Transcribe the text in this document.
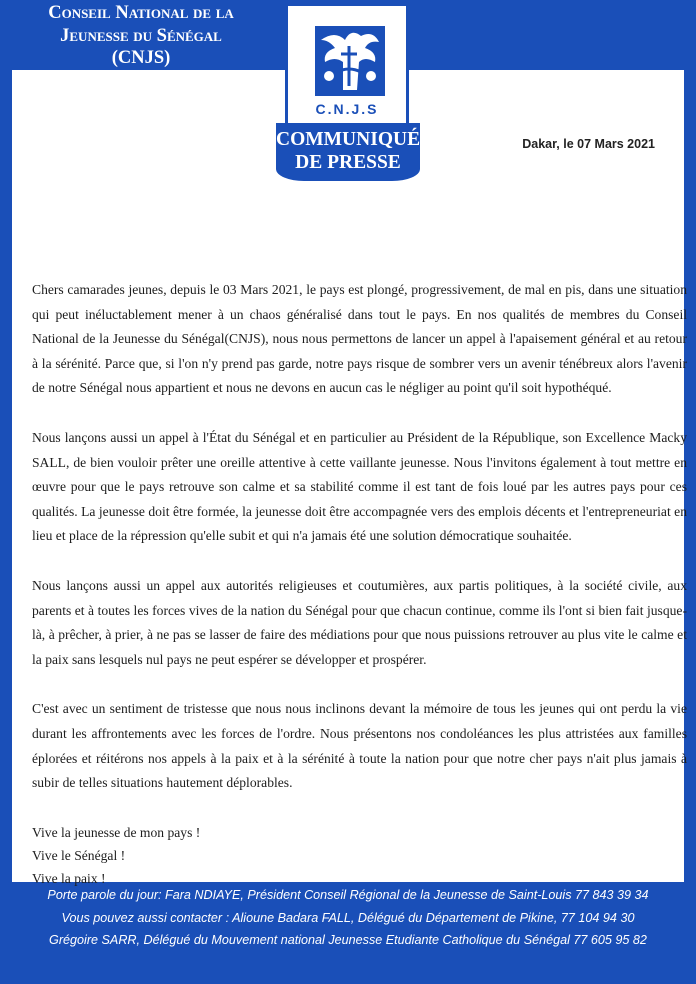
Conseil National de la
Jeunesse du Sénégal
(CNJS)
Dakar, le 07 Mars 2021

Chers camarades jeunes, depuis le 03 Mars 2021, le pays est plongé, progressivement, de mal en pis, dans une situation qui peut inéluctablement mener à un chaos généralisé dans tout le pays. En nos qualités de membres du Conseil National de la Jeunesse du Sénégal(CNJS), nous nous permettons de lancer un appel à l'apaisement général et au retour à la sérénité. Parce que, si l'on n'y prend pas garde, notre pays risque de sombrer vers un avenir ténébreux alors l'avenir de notre Sénégal nous appartient et nous ne devons en aucun cas le négliger au point qu'il soit hypothéqué.

Nous lançons aussi un appel à l'État du Sénégal et en particulier au Président de la République, son Excellence Macky SALL, de bien vouloir prêter une oreille attentive à cette vaillante jeunesse. Nous l'invitons également à tout mettre en œuvre pour que le pays retrouve son calme et sa stabilité comme il est tant de fois loué par les autres pays pour ces qualités. La jeunesse doit être formée, la jeunesse doit être accompagnée vers des emplois décents et l'entrepreneuriat en lieu et place de la répression qu'elle subit et qui n'a jamais été une solution démocratique souhaitée.

Nous lançons aussi un appel aux autorités religieuses et coutumières, aux partis politiques, à la société civile, aux parents et à toutes les forces vives de la nation du Sénégal pour que chacun continue, comme ils l'ont si bien fait jusque-là, à prêcher, à prier, à ne pas se lasser de faire des médiations pour que nous puissions retrouver au plus vite le calme et la paix sans lesquels nul pays ne peut espérer se développer et prospérer.

C'est avec un sentiment de tristesse que nous nous inclinons devant la mémoire de tous les jeunes qui ont perdu la vie durant les affrontements avec les forces de l'ordre. Nous présentons nos condoléances les plus attristées aux familles éplorées et réitérons nos appels à la paix et à la sérénité à toute la nation pour que notre cher pays n'ait plus jamais à subir de telles situations hautement déplorables.

Vive la jeunesse de mon pays !
Vive le Sénégal !
Vive la paix !
C.N.J.S
COMMUNIQUÉ
DE PRESSE
Porte parole du jour: Fara NDIAYE, Président Conseil Régional de la Jeunesse de Saint-Louis 77 843 39 34
Vous pouvez aussi contacter : Alioune Badara FALL, Délégué du Département de Pikine, 77 104 94 30
Grégoire SARR, Délégué du Mouvement national Jeunesse Etudiante Catholique du Sénégal 77 605 95 82
